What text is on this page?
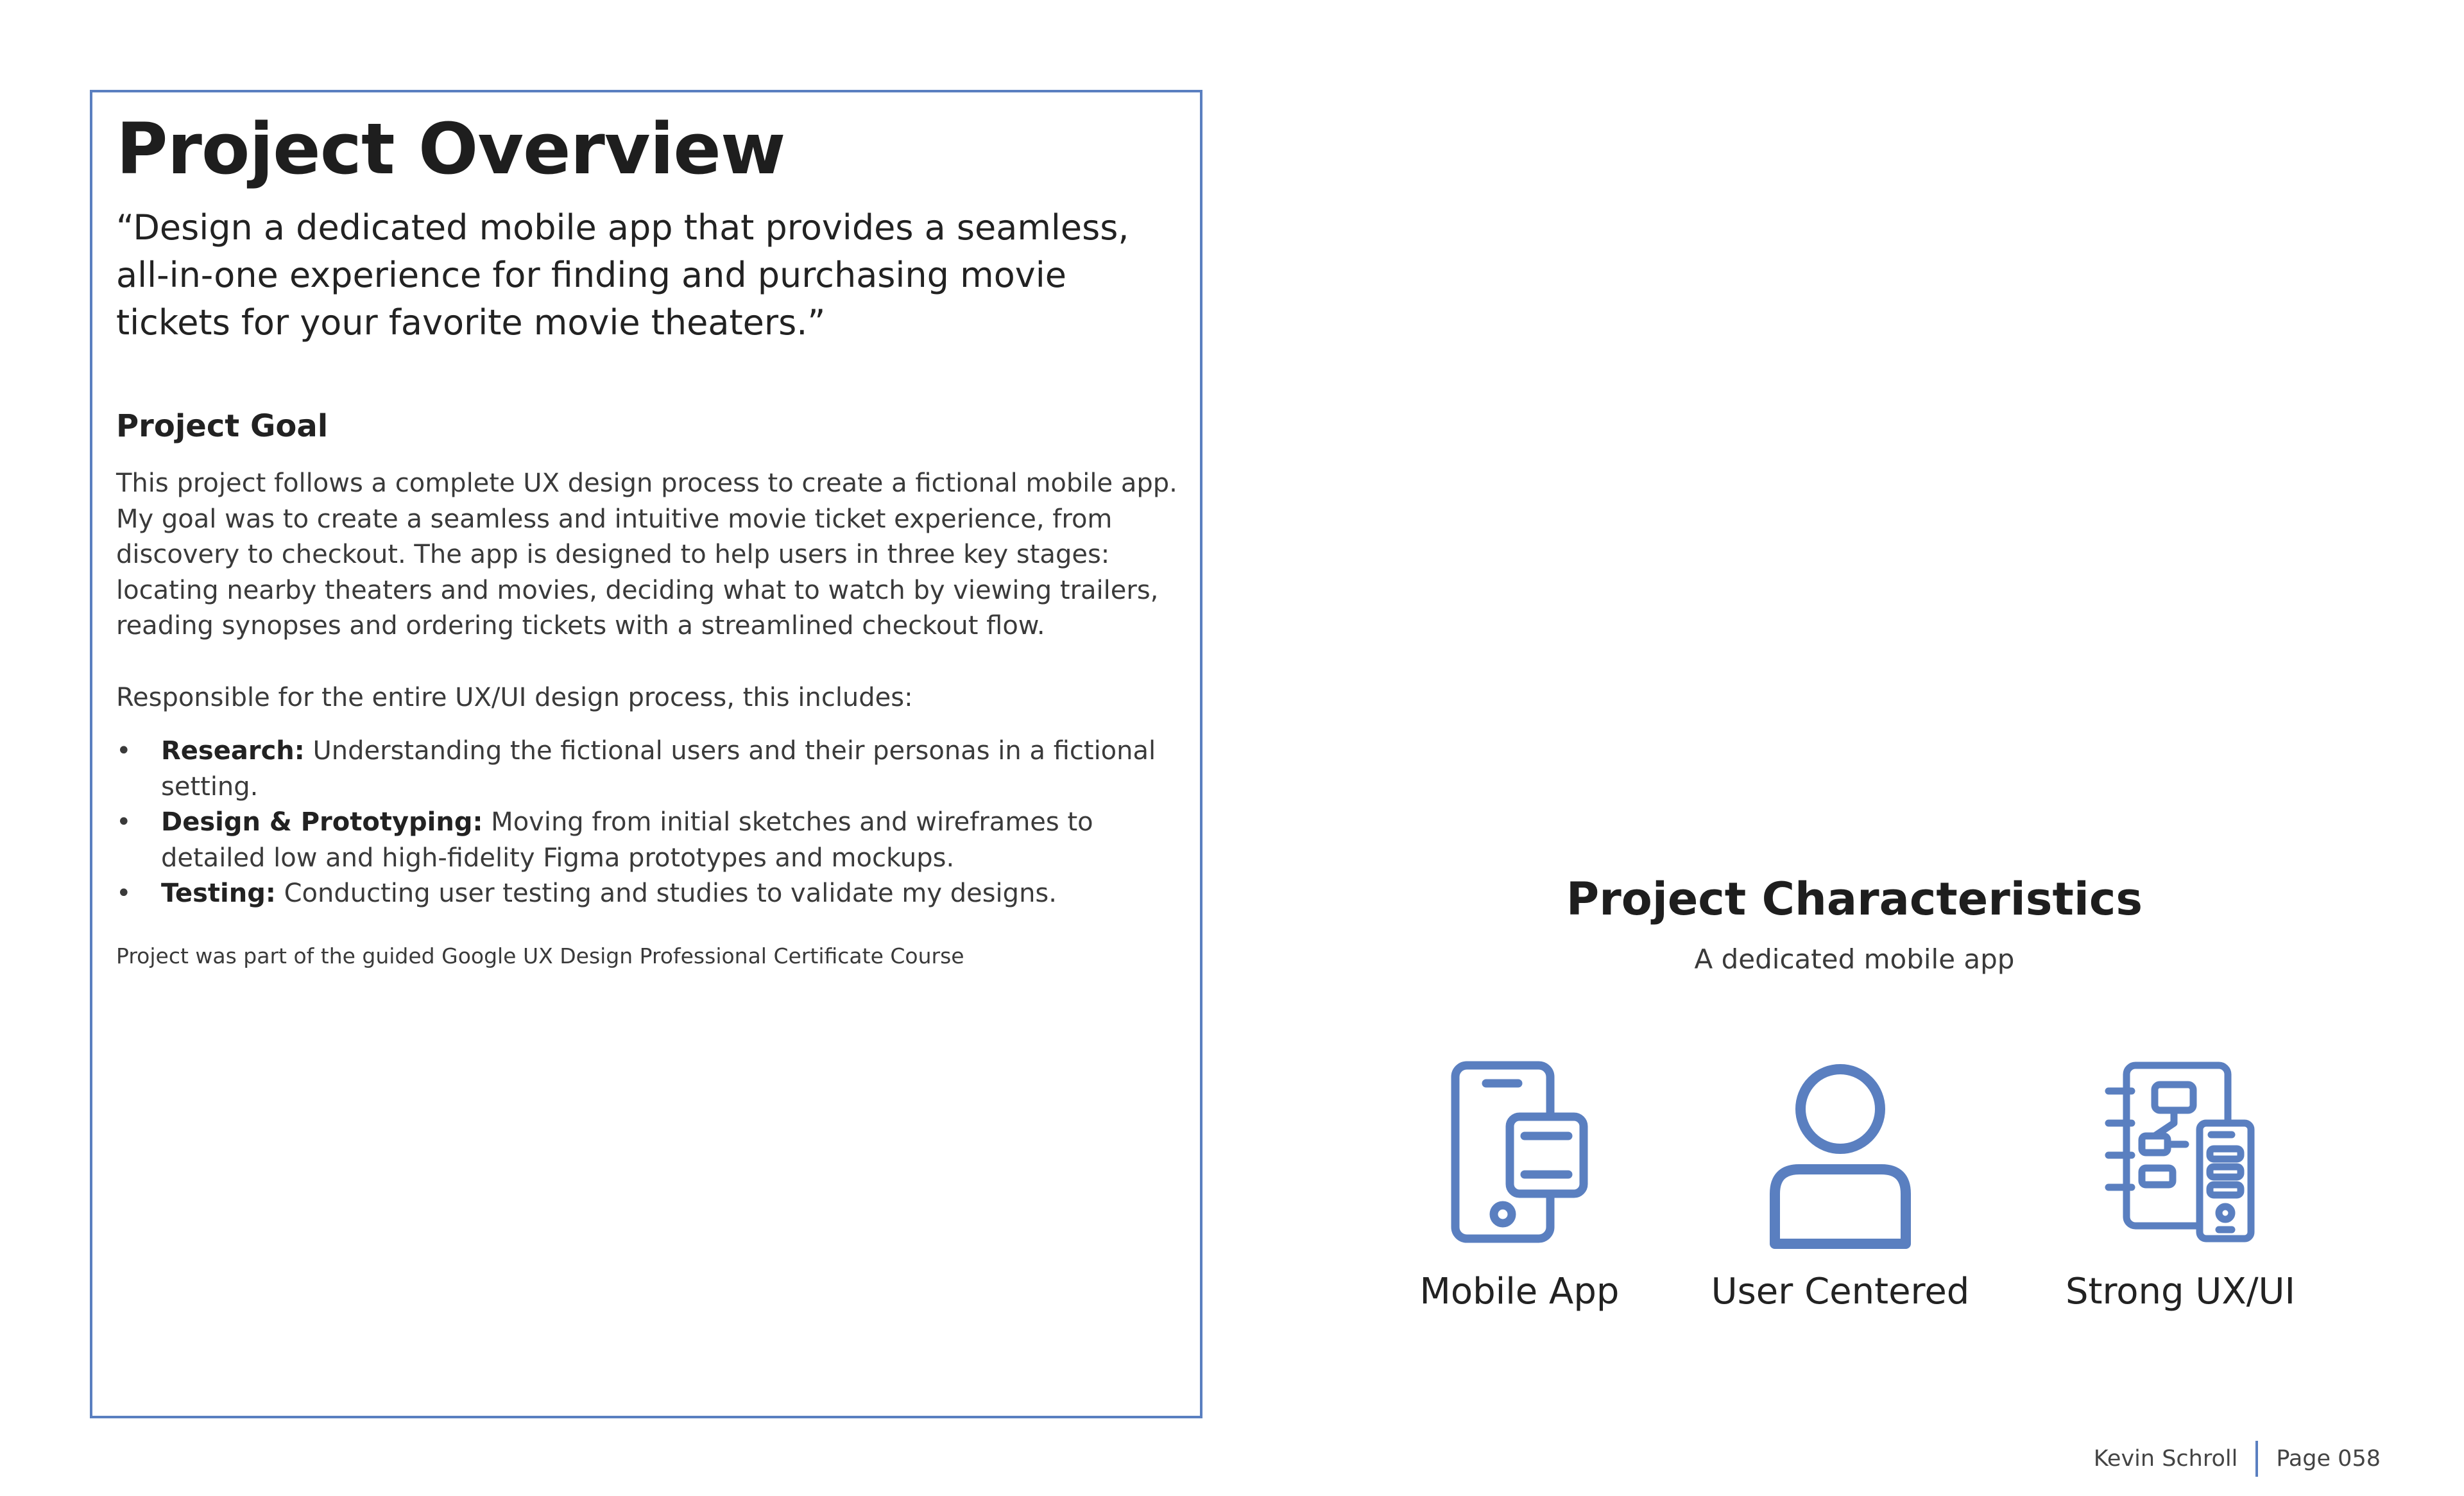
Project Overview

“Design a dedicated mobile app that provides a seamless, all-in-one experience for finding and purchasing movie tickets for your favorite movie theaters.”

Project Goal

This project follows a complete UX design process to create a fictional mobile app. My goal was to create a seamless and intuitive movie ticket experience, from discovery to checkout. The app is designed to help users in three key stages: locating nearby theaters and movies, deciding what to watch by viewing trailers, reading synopses and ordering tickets with a streamlined checkout flow.

Responsible for the entire UX/UI design process, this includes:

• Research: Understanding the fictional users and their personas in a fictional setting.
• Design & Prototyping: Moving from initial sketches and wireframes to detailed low and high-fidelity Figma prototypes and mockups.
• Testing: Conducting user testing and studies to validate my designs.

Project was part of the guided Google UX Design Professional Certificate Course

Project Characteristics

A dedicated mobile app

Mobile App	User Centered	Strong UX/UI
Kevin Schroll Page 058
